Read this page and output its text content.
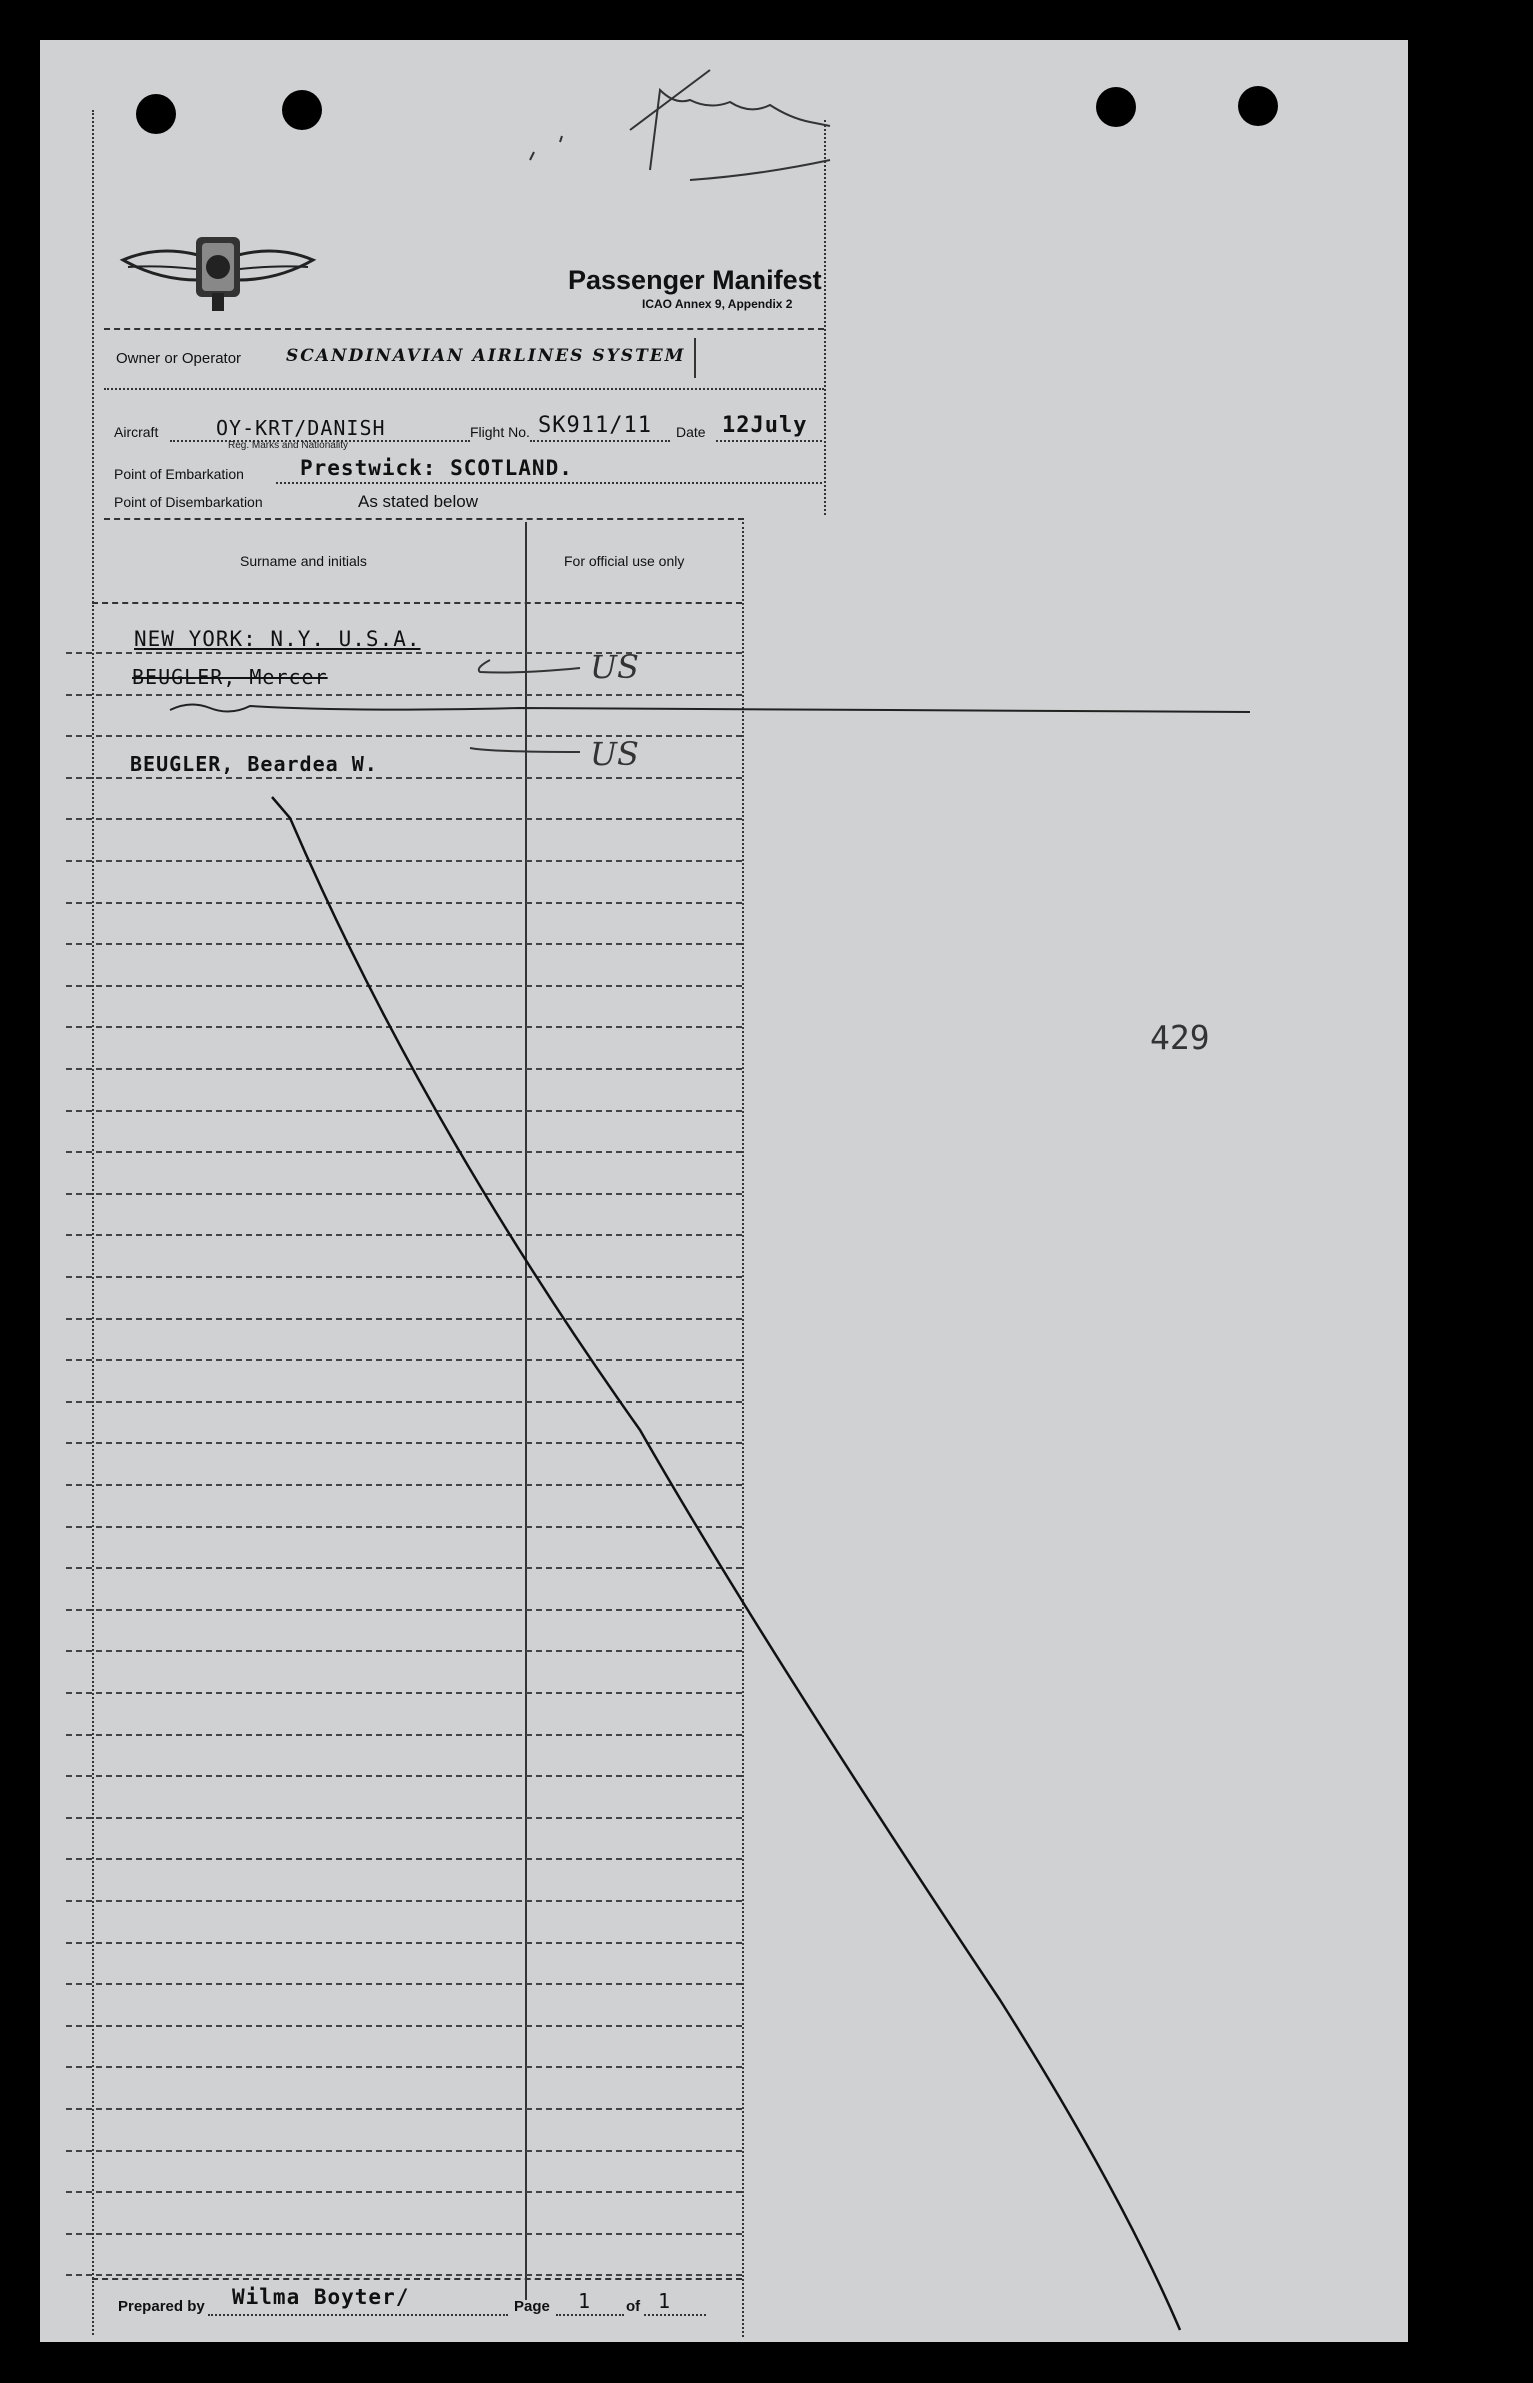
Passenger Manifest
ICAO Annex 9, Appendix 2
Owner or Operator	SCANDINAVIAN AIRLINES SYSTEM
Aircraft	OY-KRT/DANISH
Reg. Marks and Nationality
Flight No. SK911/11 Date 12July
Point of Embarkation	Prestwick: SCOTLAND.
Point of Disembarkation	As stated below
Surname and initials	For official use only
NEW YORK: N.Y. U.S.A.
BEUGLER, Mercer	US
BEUGLER, Beardea W.	US
429
Prepared by Wilma Boyter/	Page 1 of 1
